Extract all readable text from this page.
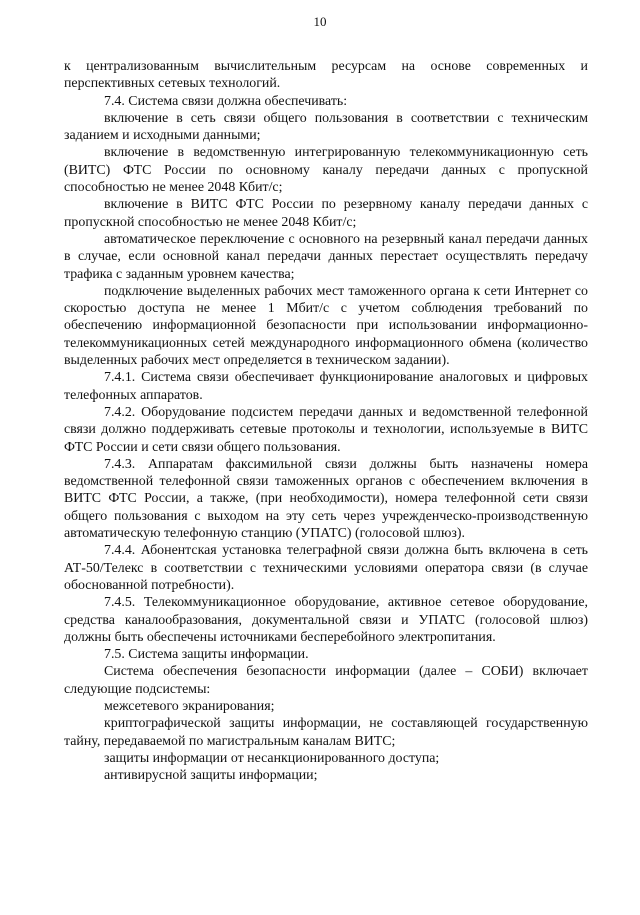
10

к централизованным вычислительным ресурсам на основе современных и перспективных сетевых технологий.

7.4. Система связи должна обеспечивать:

включение в сеть связи общего пользования в соответствии с техническим заданием и исходными данными;

включение в ведомственную интегрированную телекоммуникационную сеть (ВИТС) ФТС России по основному каналу передачи данных с пропускной способностью не менее 2048 Кбит/с;

включение в ВИТС ФТС России по резервному каналу передачи данных с пропускной способностью не менее 2048 Кбит/с;

автоматическое переключение с основного на резервный канал передачи данных в случае, если основной канал передачи данных перестает осуществлять передачу трафика с заданным уровнем качества;

подключение выделенных рабочих мест таможенного органа к сети Интернет со скоростью доступа не менее 1 Мбит/с с учетом соблюдения требований по обеспечению информационной безопасности при использовании информационно-телекоммуникационных сетей международного информационного обмена (количество выделенных рабочих мест определяется в техническом задании).

7.4.1. Система связи обеспечивает функционирование аналоговых и цифровых телефонных аппаратов.

7.4.2. Оборудование подсистем передачи данных и ведомственной телефонной связи должно поддерживать сетевые протоколы и технологии, используемые в ВИТС ФТС России и сети связи общего пользования.

7.4.3. Аппаратам факсимильной связи должны быть назначены номера ведомственной телефонной связи таможенных органов с обеспечением включения в ВИТС ФТС России, а также, (при необходимости), номера телефонной сети связи общего пользования с выходом на эту сеть через учрежденческо-производственную автоматическую телефонную станцию (УПАТС) (голосовой шлюз).

7.4.4. Абонентская установка телеграфной связи должна быть включена в сеть АТ-50/Телекс в соответствии с техническими условиями оператора связи (в случае обоснованной потребности).

7.4.5. Телекоммуникационное оборудование, активное сетевое оборудование, средства каналообразования, документальной связи и УПАТС (голосовой шлюз) должны быть обеспечены источниками бесперебойного электропитания.

7.5. Система защиты информации.

Система обеспечения безопасности информации (далее – СОБИ) включает следующие подсистемы:

межсетевого экранирования;

криптографической защиты информации, не составляющей государственную тайну, передаваемой по магистральным каналам ВИТС;

защиты информации от несанкционированного доступа;

антивирусной защиты информации;
